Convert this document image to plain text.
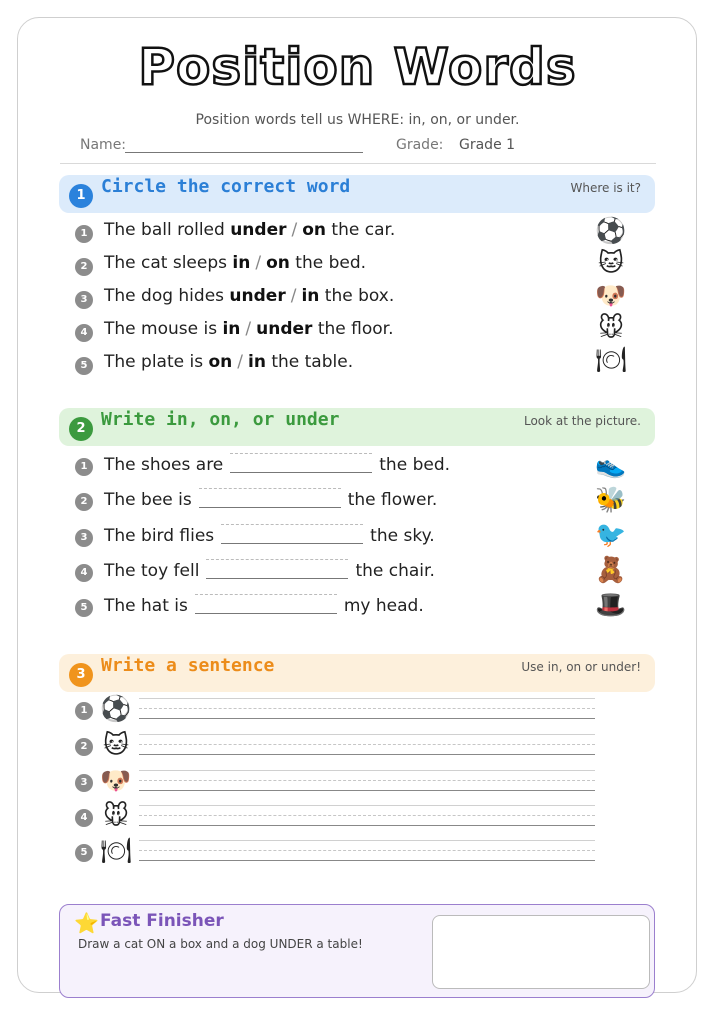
Position Words
Position words tell us WHERE: in, on, or under.
Name:	Grade: Grade 1
1 Circle the correct word	Where is it?
1 The ball rolled under / on the car.	⚽
2 The cat sleeps in / on the bed.	🐱
3 The dog hides under / in the box.	🐶
4 The mouse is in / under the floor.	🐭
5 The plate is on / in the table.	🍽
2 Write in, on, or under	Look at the picture.
1 The shoes are	the bed.	👟
2 The bee is	the flower.	🐝
3 The bird flies	the sky.	🐦
4 The toy fell	the chair.	🧸
5 The hat is	my head.	🎩
3 Write a sentence	Use in, on or under!
1 ⚽
2 🐱
3 🐶
4 🐭
5 🍽
⭐ Fast Finisher
Draw a cat ON a box and a dog UNDER a table!
